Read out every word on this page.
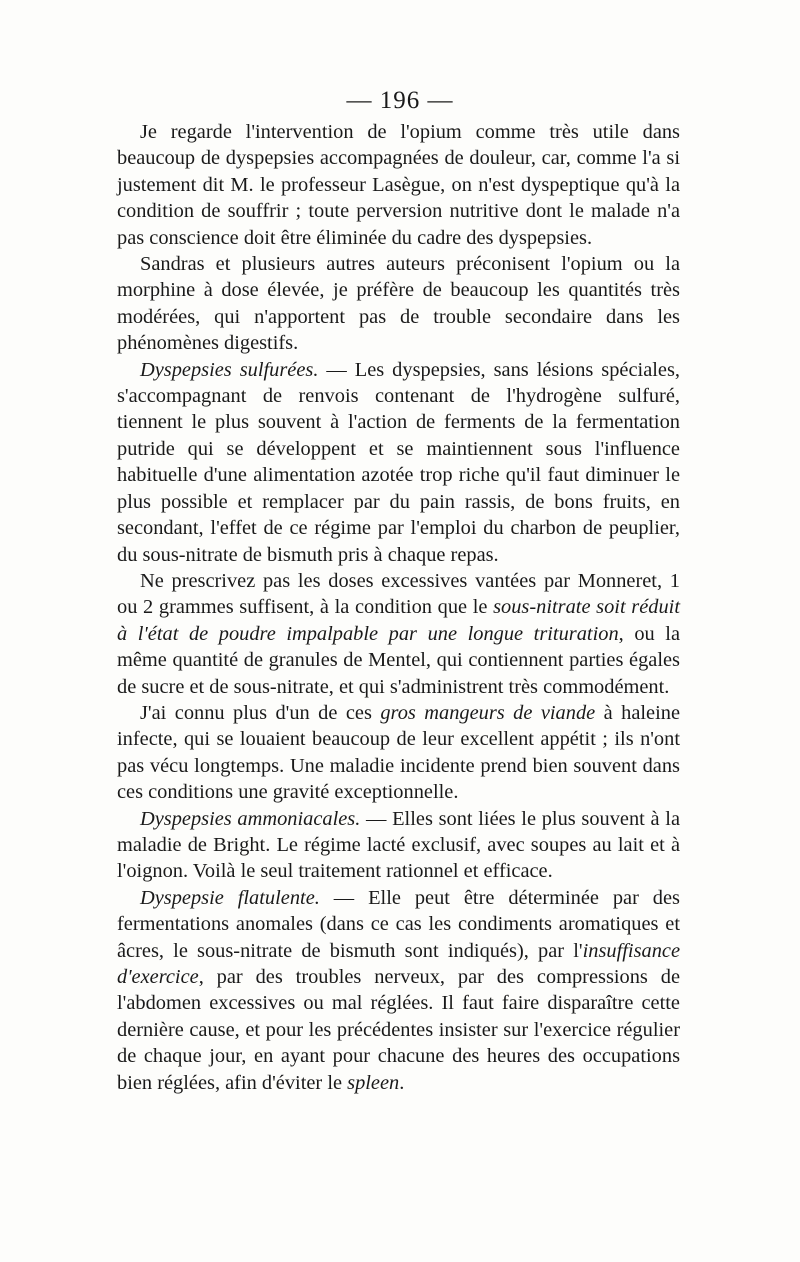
— 196 —

Je regarde l'intervention de l'opium comme très utile dans beaucoup de dyspepsies accompagnées de douleur, car, comme l'a si justement dit M. le professeur Lasègue, on n'est dyspeptique qu'à la condition de souffrir ; toute perversion nutritive dont le malade n'a pas conscience doit être éliminée du cadre des dyspepsies.

Sandras et plusieurs autres auteurs préconisent l'opium ou la morphine à dose élevée, je préfère de beaucoup les quantités très modérées, qui n'apportent pas de trouble secondaire dans les phénomènes digestifs.

Dyspepsies sulfurées. — Les dyspepsies, sans lésions spéciales, s'accompagnant de renvois contenant de l'hydrogène sulfuré, tiennent le plus souvent à l'action de ferments de la fermentation putride qui se développent et se maintiennent sous l'influence habituelle d'une alimentation azotée trop riche qu'il faut diminuer le plus possible et remplacer par du pain rassis, de bons fruits, en secondant, l'effet de ce régime par l'emploi du charbon de peuplier, du sous-nitrate de bismuth pris à chaque repas.

Ne prescrivez pas les doses excessives vantées par Monneret, 1 ou 2 grammes suffisent, à la condition que le sous-nitrate soit réduit à l'état de poudre impalpable par une longue trituration, ou la même quantité de granules de Mentel, qui contiennent parties égales de sucre et de sous-nitrate, et qui s'administrent très commodément.

J'ai connu plus d'un de ces gros mangeurs de viande à haleine infecte, qui se louaient beaucoup de leur excellent appétit ; ils n'ont pas vécu longtemps. Une maladie incidente prend bien souvent dans ces conditions une gravité exceptionnelle.

Dyspepsies ammoniacales. — Elles sont liées le plus souvent à la maladie de Bright. Le régime lacté exclusif, avec soupes au lait et à l'oignon. Voilà le seul traitement rationnel et efficace.

Dyspepsie flatulente. — Elle peut être déterminée par des fermentations anomales (dans ce cas les condiments aromatiques et âcres, le sous-nitrate de bismuth sont indiqués), par l'insuffisance d'exercice, par des troubles nerveux, par des compressions de l'abdomen excessives ou mal réglées. Il faut faire disparaître cette dernière cause, et pour les précédentes insister sur l'exercice régulier de chaque jour, en ayant pour chacune des heures des occupations bien réglées, afin d'éviter le spleen.
